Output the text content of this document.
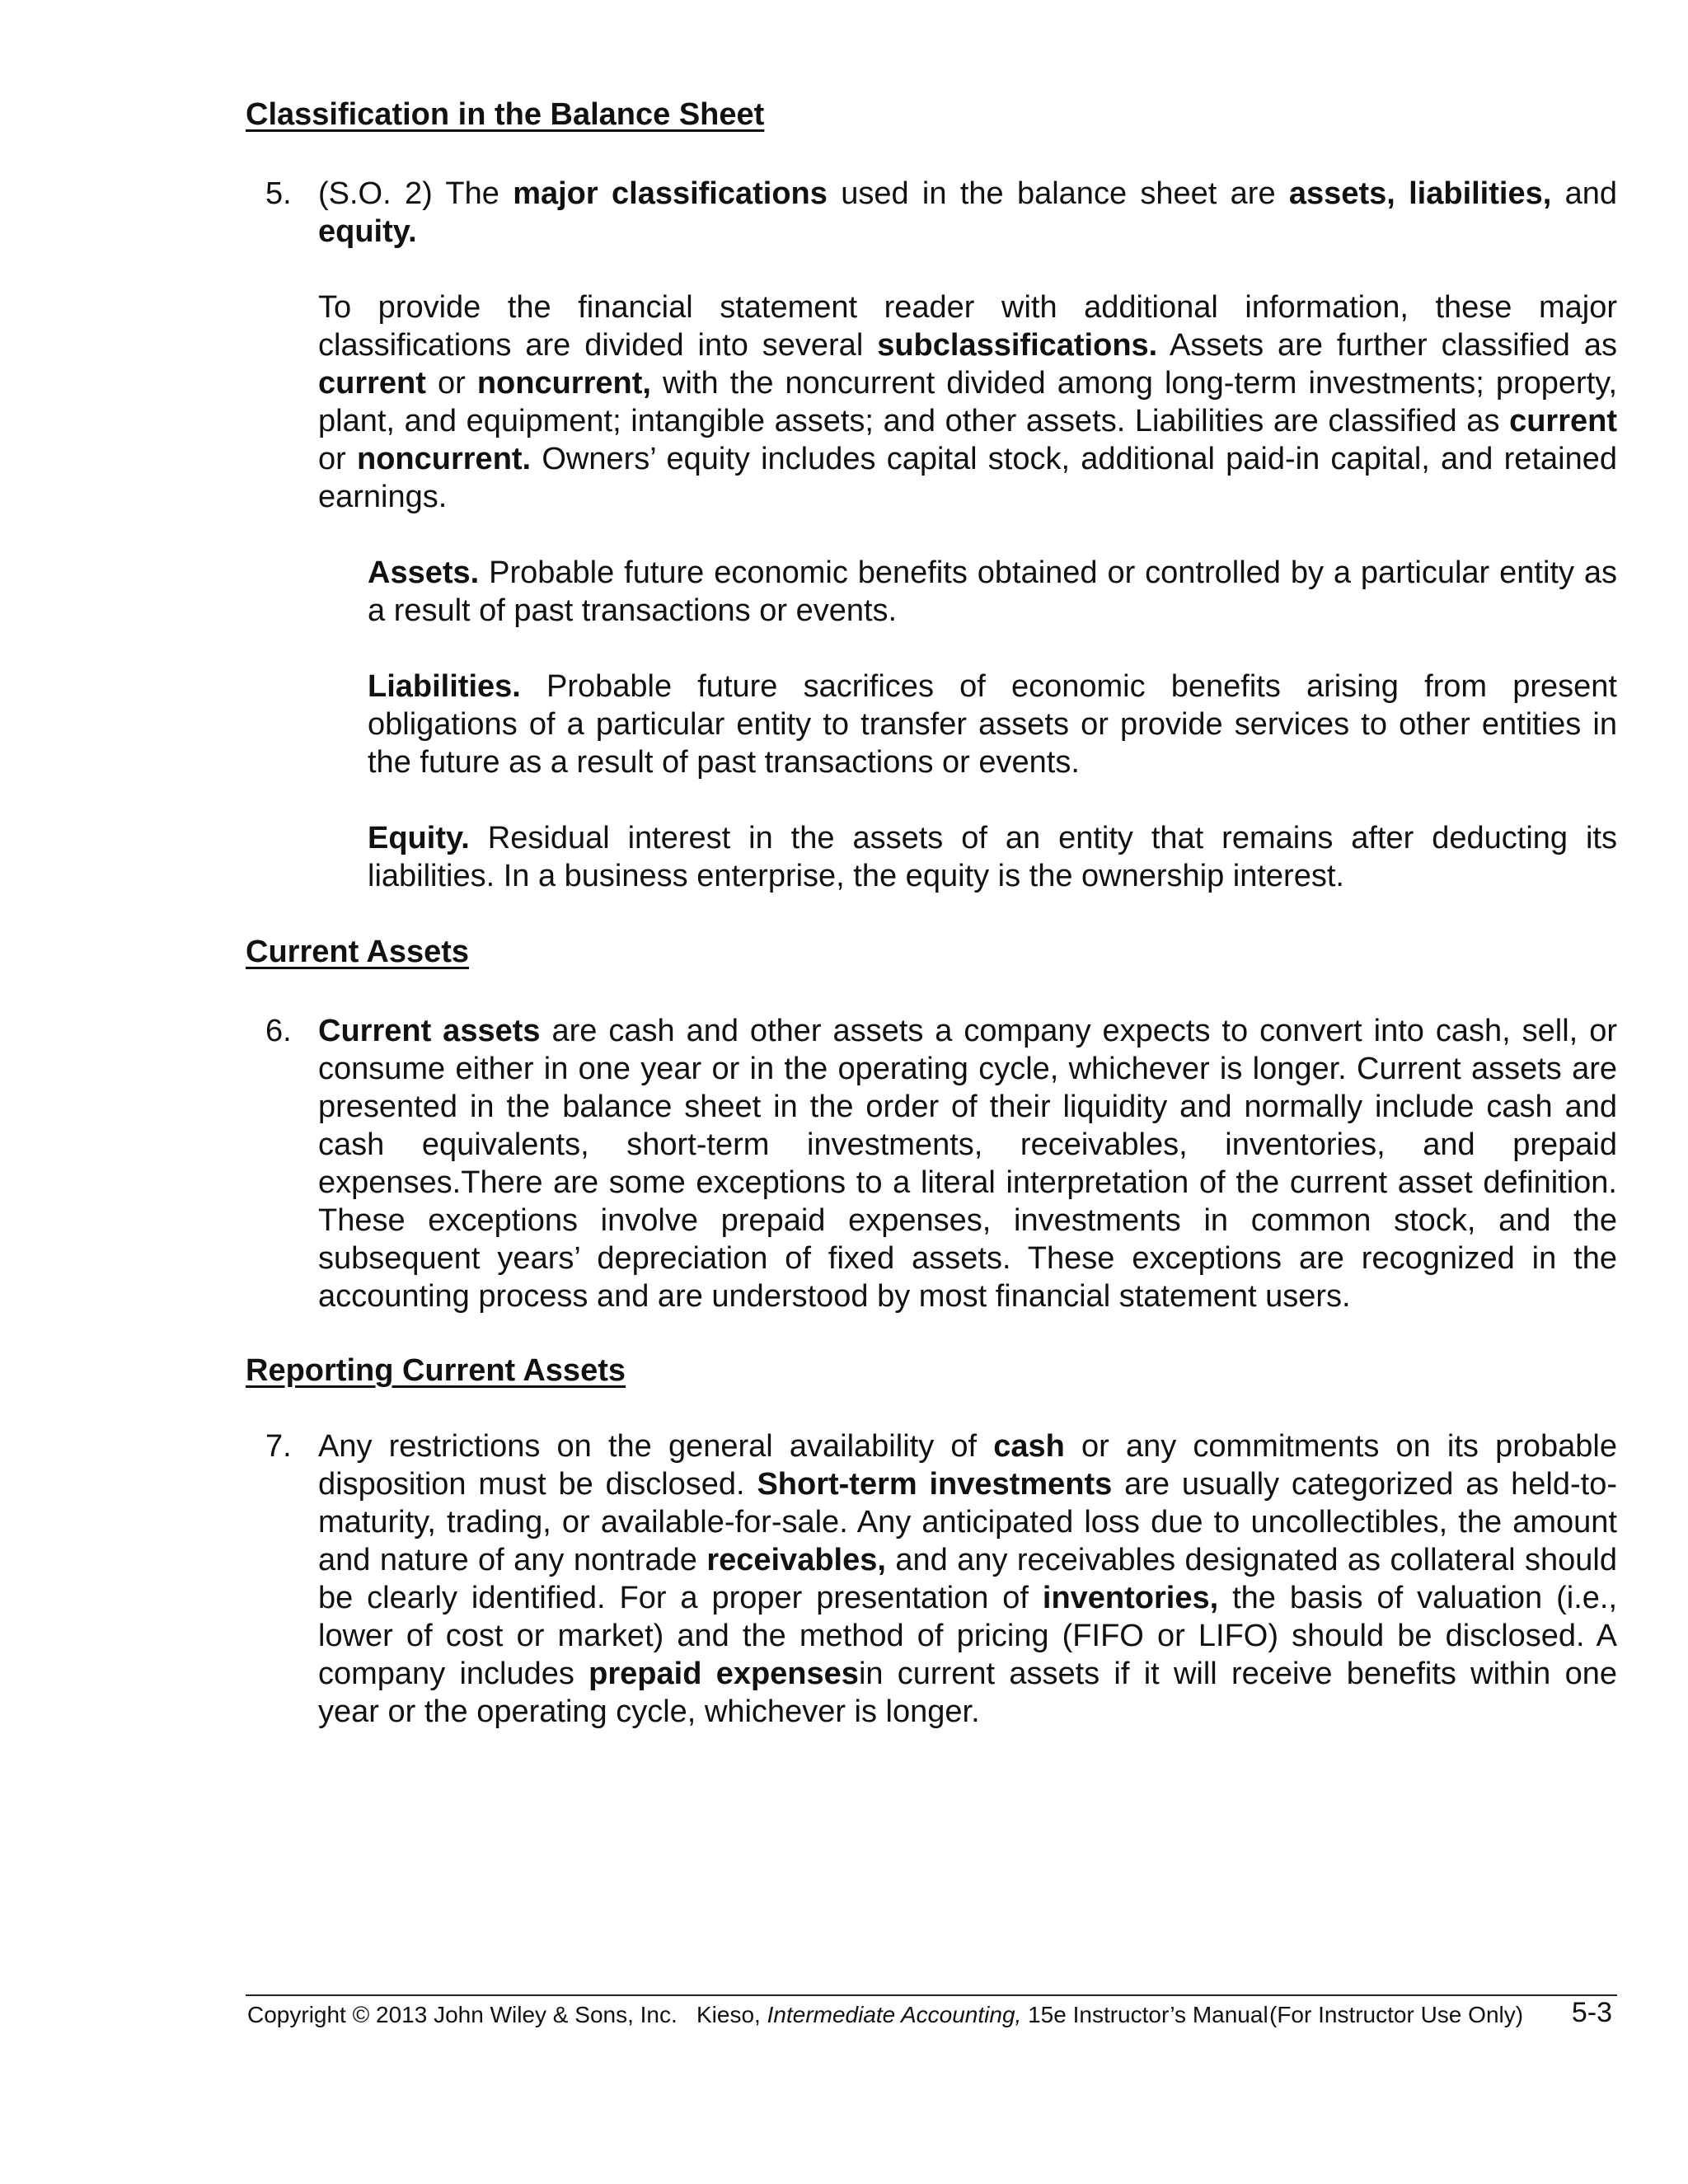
Classification in the Balance Sheet
5. (S.O. 2) The major classifications used in the balance sheet are assets, liabilities, and equity.

To provide the financial statement reader with additional information, these major classifications are divided into several subclassifications. Assets are further classified as current or noncurrent, with the noncurrent divided among long-term investments; property, plant, and equipment; intangible assets; and other assets. Liabilities are classified as current or noncurrent. Owners’ equity includes capital stock, additional paid-in capital, and retained earnings.

Assets. Probable future economic benefits obtained or controlled by a particular entity as a result of past transactions or events.

Liabilities. Probable future sacrifices of economic benefits arising from present obligations of a particular entity to transfer assets or provide services to other entities in the future as a result of past transactions or events.

Equity. Residual interest in the assets of an entity that remains after deducting its liabilities. In a business enterprise, the equity is the ownership interest.

Current Assets
6. Current assets are cash and other assets a company expects to convert into cash, sell, or consume either in one year or in the operating cycle, whichever is longer. Current assets are presented in the balance sheet in the order of their liquidity and normally include cash and cash equivalents, short-term investments, receivables, inventories, and prepaid expenses.There are some exceptions to a literal interpretation of the current asset definition. These exceptions involve prepaid expenses, investments in common stock, and the subsequent years’ depreciation of fixed assets. These exceptions are recognized in the accounting process and are understood by most financial statement users.

Reporting Current Assets
7. Any restrictions on the general availability of cash or any commitments on its probable disposition must be disclosed. Short-term investments are usually categorized as held-to-maturity, trading, or available-for-sale. Any anticipated loss due to uncollectibles, the amount and nature of any nontrade receivables, and any receivables designated as collateral should be clearly identified. For a proper presentation of inventories, the basis of valuation (i.e., lower of cost or market) and the method of pricing (FIFO or LIFO) should be disclosed. A company includes prepaid expensesin current assets if it will receive benefits within one year or the operating cycle, whichever is longer.

Copyright © 2013 John Wiley & Sons, Inc. Kieso, Intermediate Accounting, 15e Instructor’s Manual (For Instructor Use Only) 5-3
